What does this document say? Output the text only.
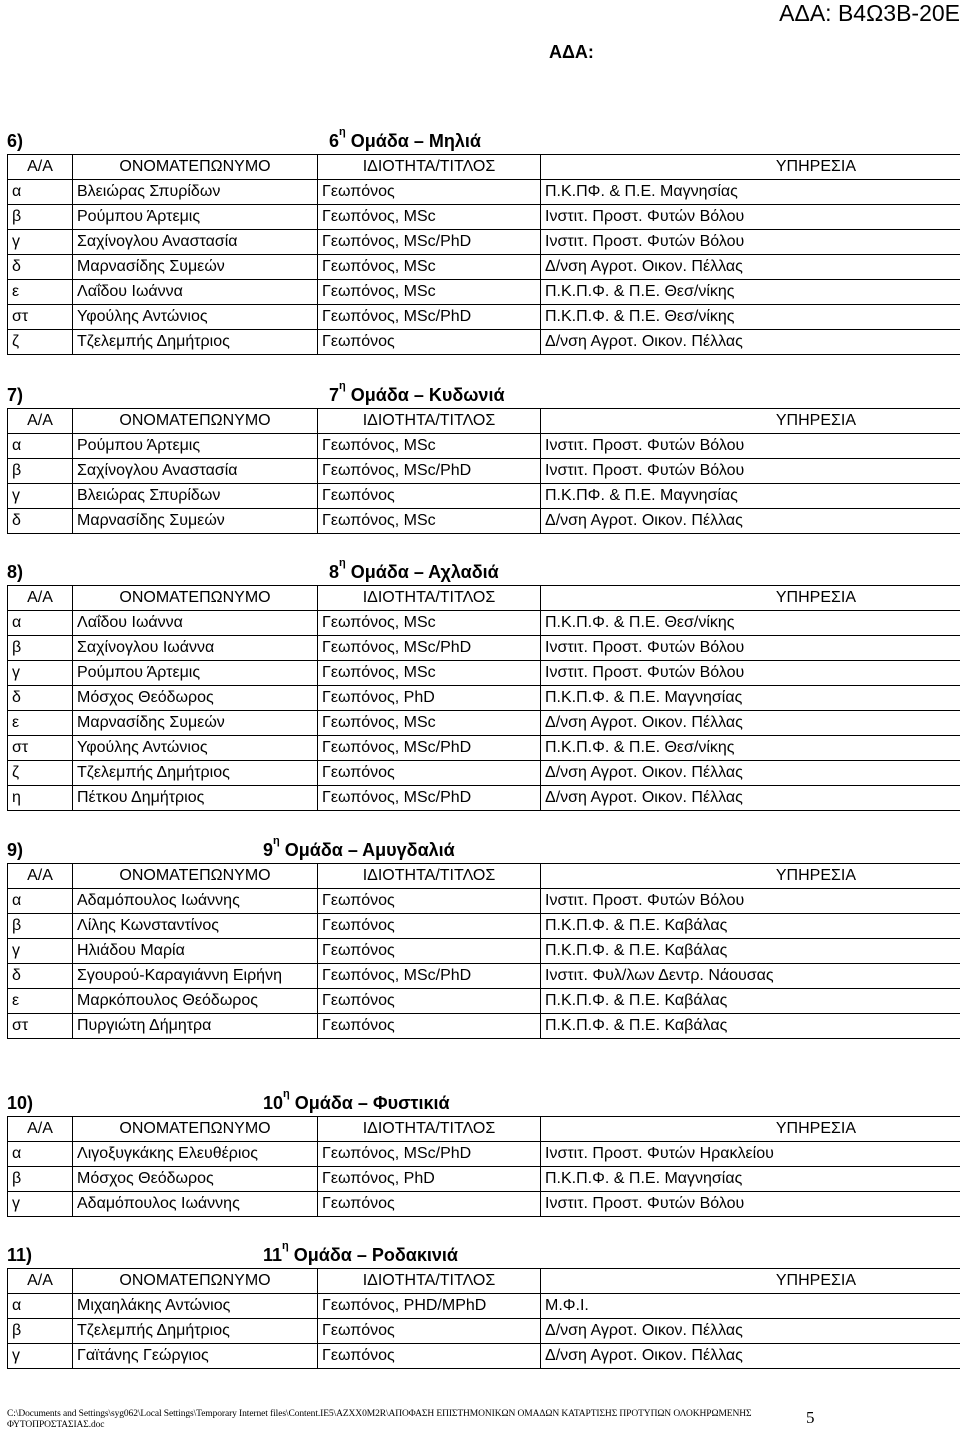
ΑΔΑ: Β4Ω3Β-20Ε
ΑΔΑ:
6)	$6^\eta$ Ομάδα – Μηλιά
Α/Α	ΟΝΟΜΑΤΕΠΩΝΥΜΟ	ΙΔΙΟΤΗΤΑ/ΤΙΤΛΟΣ	ΥΠΗΡΕΣΙΑ
α	Βλειώρας Σπυρίδων	Γεωπόνος	Π.Κ.ΠΦ. & Π.Ε. Μαγνησίας
β	Ρούμπου Άρτεμις	Γεωπόνος, MSc	Ινστιτ. Προστ. Φυτών Βόλου
γ	Σαχίνογλου Αναστασία	Γεωπόνος, MSc/PhD	Ινστιτ. Προστ. Φυτών Βόλου
δ	Μαρνασίδης Συμεών	Γεωπόνος, MSc	Δ/νση Αγροτ. Οικον. Πέλλας
ε	Λαΐδου Ιωάννα	Γεωπόνος, MSc	Π.Κ.Π.Φ. & Π.Ε. Θεσ/νίκης
στ	Υφούλης Αντώνιος	Γεωπόνος, MSc/PhD	Π.Κ.Π.Φ. & Π.Ε. Θεσ/νίκης
ζ	Τζελεμπής Δημήτριος	Γεωπόνος	Δ/νση Αγροτ. Οικον. Πέλλας
7)	$7^\eta$ Ομάδα – Κυδωνιά
Α/Α	ΟΝΟΜΑΤΕΠΩΝΥΜΟ	ΙΔΙΟΤΗΤΑ/ΤΙΤΛΟΣ	ΥΠΗΡΕΣΙΑ
α	Ρούμπου Άρτεμις	Γεωπόνος, MSc	Ινστιτ. Προστ. Φυτών Βόλου
β	Σαχίνογλου Αναστασία	Γεωπόνος, MSc/PhD	Ινστιτ. Προστ. Φυτών Βόλου
γ	Βλειώρας Σπυρίδων	Γεωπόνος	Π.Κ.ΠΦ. & Π.Ε. Μαγνησίας
δ	Μαρνασίδης Συμεών	Γεωπόνος, MSc	Δ/νση Αγροτ. Οικον. Πέλλας
8)	$8^\eta$ Ομάδα – Αχλαδιά
Α/Α	ΟΝΟΜΑΤΕΠΩΝΥΜΟ	ΙΔΙΟΤΗΤΑ/ΤΙΤΛΟΣ	ΥΠΗΡΕΣΙΑ
α	Λαΐδου Ιωάννα	Γεωπόνος, MSc	Π.Κ.Π.Φ. & Π.Ε. Θεσ/νίκης
β	Σαχίνογλου Ιωάννα	Γεωπόνος, MSc/PhD	Ινστιτ. Προστ. Φυτών Βόλου
γ	Ρούμπου Άρτεμις	Γεωπόνος, MSc	Ινστιτ. Προστ. Φυτών Βόλου
δ	Μόσχος Θεόδωρος	Γεωπόνος, PhD	Π.Κ.Π.Φ. & Π.Ε. Μαγνησίας
ε	Μαρνασίδης Συμεών	Γεωπόνος, MSc	Δ/νση Αγροτ. Οικον. Πέλλας
στ	Υφούλης Αντώνιος	Γεωπόνος, MSc/PhD	Π.Κ.Π.Φ. & Π.Ε. Θεσ/νίκης
ζ	Τζελεμπής Δημήτριος	Γεωπόνος	Δ/νση Αγροτ. Οικον. Πέλλας
η	Πέτκου Δημήτριος	Γεωπόνος, MSc/PhD	Δ/νση Αγροτ. Οικον. Πέλλας
9)	$9^\eta$ Ομάδα – Αμυγδαλιά
Α/Α	ΟΝΟΜΑΤΕΠΩΝΥΜΟ	ΙΔΙΟΤΗΤΑ/ΤΙΤΛΟΣ	ΥΠΗΡΕΣΙΑ
α	Αδαμόπουλος Ιωάννης	Γεωπόνος	Ινστιτ. Προστ. Φυτών Βόλου
β	Λίλης Κωνσταντίνος	Γεωπόνος	Π.Κ.Π.Φ. & Π.Ε. Καβάλας
γ	Ηλιάδου Μαρία	Γεωπόνος	Π.Κ.Π.Φ. & Π.Ε. Καβάλας
δ	Σγουρού-Καραγιάννη Ειρήνη	Γεωπόνος, MSc/PhD	Ινστιτ. Φυλ/λων Δεντρ. Νάουσας
ε	Μαρκόπουλος Θεόδωρος	Γεωπόνος	Π.Κ.Π.Φ. & Π.Ε. Καβάλας
στ	Πυργιώτη Δήμητρα	Γεωπόνος	Π.Κ.Π.Φ. & Π.Ε. Καβάλας
10)	$10^\eta$ Ομάδα – Φυστικιά
Α/Α	ΟΝΟΜΑΤΕΠΩΝΥΜΟ	ΙΔΙΟΤΗΤΑ/ΤΙΤΛΟΣ	ΥΠΗΡΕΣΙΑ
α	Λιγοξυγκάκης Ελευθέριος	Γεωπόνος, MSc/PhD	Ινστιτ. Προστ. Φυτών Ηρακλείου
β	Μόσχος Θεόδωρος	Γεωπόνος, PhD	Π.Κ.Π.Φ. & Π.Ε. Μαγνησίας
γ	Αδαμόπουλος Ιωάννης	Γεωπόνος	Ινστιτ. Προστ. Φυτών Βόλου
11)	$11^\eta$ Ομάδα – Ροδακινιά
Α/Α	ΟΝΟΜΑΤΕΠΩΝΥΜΟ	ΙΔΙΟΤΗΤΑ/ΤΙΤΛΟΣ	ΥΠΗΡΕΣΙΑ
α	Μιχαηλάκης Αντώνιος	Γεωπόνος, PHD/MPhD	Μ.Φ.Ι.
β	Τζελεμπής Δημήτριος	Γεωπόνος	Δ/νση Αγροτ. Οικον. Πέλλας
γ	Γαϊτάνης Γεώργιος	Γεωπόνος	Δ/νση Αγροτ. Οικον. Πέλλας
C:\Documents and Settings\syg062\Local Settings\Temporary Internet files\Content.IE5\AZXX0M2R\ΑΠΟΦΑΣΗ ΕΠΙΣΤΗΜΟΝΙΚΩΝ ΟΜΑΔΩΝ ΚΑΤΑΡΤΙΣΗΣ ΠΡΟΤΥΠΩΝ ΟΛΟΚΗΡΩΜΕΝΗΣ ΦΥΤΟΠΡΟΣΤΑΣΙΑΣ.doc	5
